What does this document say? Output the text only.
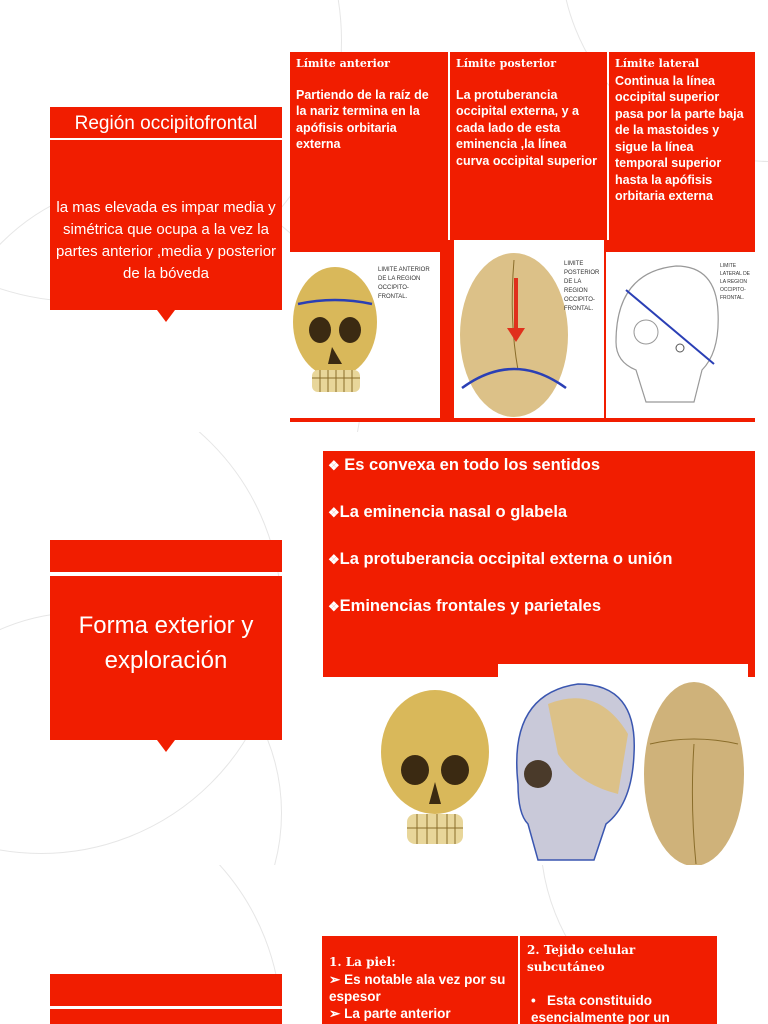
Región occipitofrontal
la mas elevada es impar media y simétrica que ocupa a la vez la partes anterior ,media y posterior de la bóveda
Límite anterior
Partiendo de la raíz de la nariz termina en la apófisis orbitaria externa
Límite posterior
La protuberancia occipital externa, y a cada lado de esta eminencia ,la línea curva occipital superior
Límite lateral
Continua la línea occipital superior pasa por la parte baja de la mastoides y sigue la línea temporal superior hasta la apófisis orbitaria externa
LIMITE ANTERIOR DE LA REGION OCCIPITO-FRONTAL.
LIMITE POSTERIOR DE LA REGION OCCIPITO-FRONTAL.
LIMITE LATERAL DE LA REGION OCCIPITO-FRONTAL.
Forma exterior y exploración
❖ Es convexa en todo los sentidos
❖La eminencia nasal o glabela
❖La protuberancia occipital externa o unión
❖Eminencias frontales y parietales
1. La piel:
➢ Es notable ala vez por su espesor
➢ La parte anterior
2. Tejido celular subcutáneo
• Esta constituido esencialmente por un
